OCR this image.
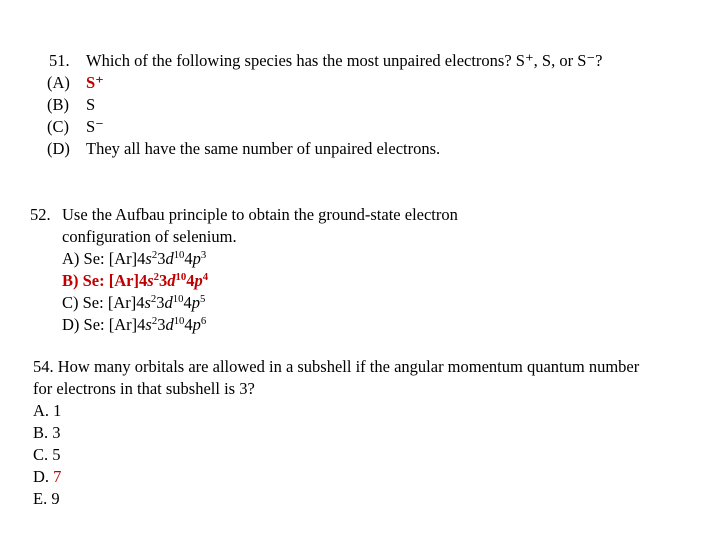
51. Which of the following species has the most unpaired electrons? S⁺, S, or S⁻?
(A) S⁺
(B) S
(C) S⁻
(D) They all have the same number of unpaired electrons.
52. Use the Aufbau principle to obtain the ground-state electron
configuration of selenium.
A) Se: $[Ar]4s^23d^{10}4p^3$
B) Se: $[Ar]4s^23d^{10}4p^4$
C) Se: $[Ar]4s^23d^{10}4p^5$
D) Se: $[Ar]4s^23d^{10}4p^6$
54. How many orbitals are allowed in a subshell if the angular momentum quantum number
for electrons in that subshell is 3?
A. 1
B. 3
C. 5
D. 7
E. 9
